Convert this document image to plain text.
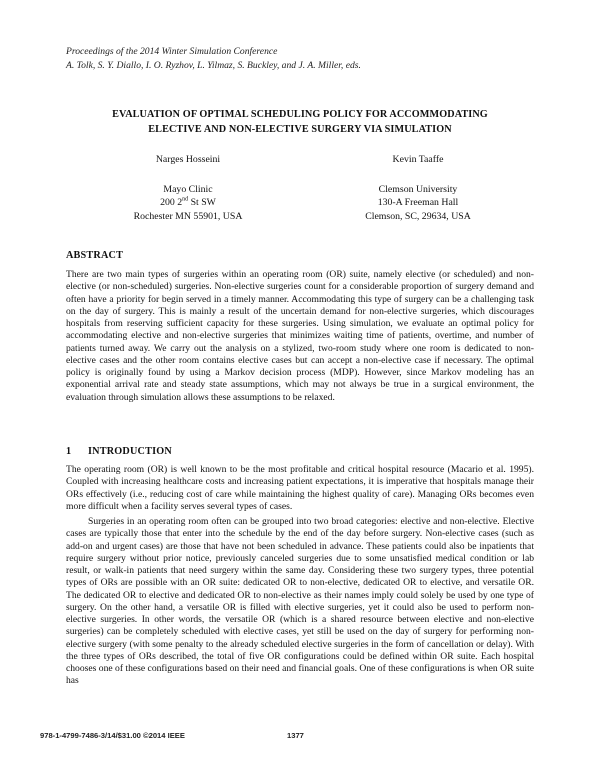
Proceedings of the 2014 Winter Simulation Conference
A. Tolk, S. Y. Diallo, I. O. Ryzhov, L. Yilmaz, S. Buckley, and J. A. Miller, eds.
EVALUATION OF OPTIMAL SCHEDULING POLICY FOR ACCOMMODATING
ELECTIVE AND NON-ELECTIVE SURGERY VIA SIMULATION
Narges Hosseini
Mayo Clinic
200 2nd St SW
Rochester MN 55901, USA
Kevin Taaffe
Clemson University
130-A Freeman Hall
Clemson, SC, 29634, USA
ABSTRACT

There are two main types of surgeries within an operating room (OR) suite, namely elective (or scheduled) and non-elective (or non-scheduled) surgeries. Non-elective surgeries count for a considerable proportion of surgery demand and often have a priority for begin served in a timely manner. Accommodating this type of surgery can be a challenging task on the day of surgery. This is mainly a result of the uncertain demand for non-elective surgeries, which discourages hospitals from reserving sufficient capacity for these surgeries. Using simulation, we evaluate an optimal policy for accommodating elective and non-elective surgeries that minimizes waiting time of patients, overtime, and number of patients turned away. We carry out the analysis on a stylized, two-room study where one room is dedicated to non-elective cases and the other room contains elective cases but can accept a non-elective case if necessary. The optimal policy is originally found by using a Markov decision process (MDP). However, since Markov modeling has an exponential arrival rate and steady state assumptions, which may not always be true in a surgical environment, the evaluation through simulation allows these assumptions to be relaxed.

1 INTRODUCTION

The operating room (OR) is well known to be the most profitable and critical hospital resource (Macario et al. 1995). Coupled with increasing healthcare costs and increasing patient expectations, it is imperative that hospitals manage their ORs effectively (i.e., reducing cost of care while maintaining the highest quality of care). Managing ORs becomes even more difficult when a facility serves several types of cases.

Surgeries in an operating room often can be grouped into two broad categories: elective and non-elective. Elective cases are typically those that enter into the schedule by the end of the day before surgery. Non-elective cases (such as add-on and urgent cases) are those that have not been scheduled in advance. These patients could also be inpatients that require surgery without prior notice, previously canceled surgeries due to some unsatisfied medical condition or lab result, or walk-in patients that need surgery within the same day. Considering these two surgery types, three potential types of ORs are possible with an OR suite: dedicated OR to non-elective, dedicated OR to elective, and versatile OR. The dedicated OR to elective and dedicated OR to non-elective as their names imply could solely be used by one type of surgery. On the other hand, a versatile OR is filled with elective surgeries, yet it could also be used to perform non-elective surgeries. In other words, the versatile OR (which is a shared resource between elective and non-elective surgeries) can be completely scheduled with elective cases, yet still be used on the day of surgery for performing non-elective surgery (with some penalty to the already scheduled elective surgeries in the form of cancellation or delay). With the three types of ORs described, the total of five OR configurations could be defined within OR suite. Each hospital chooses one of these configurations based on their need and financial goals. One of these configurations is when OR suite has

978-1-4799-7486-3/14/$31.00 ©2014 IEEE	1377
